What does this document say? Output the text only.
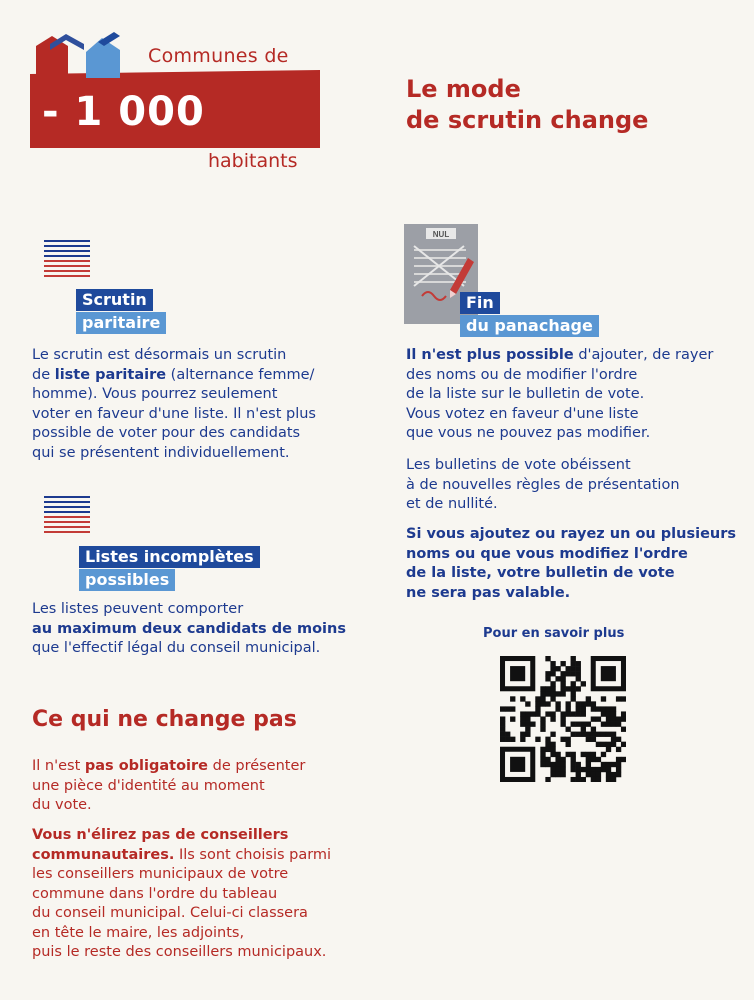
Communes de
- 1 000
habitants
Le mode
de scrutin change
Scrutin
paritaire
Le scrutin est désormais un scrutin
de liste paritaire (alternance femme/
homme). Vous pourrez seulement
voter en faveur d'une liste. Il n'est plus
possible de voter pour des candidats
qui se présentent individuellement.
Listes incomplètes
possibles
Les listes peuvent comporter
au maximum deux candidats de moins
que l'effectif légal du conseil municipal.
Ce qui ne change pas
Il n'est pas obligatoire de présenter
une pièce d'identité au moment
du vote.
Vous n'élirez pas de conseillers
communautaires. Ils sont choisis parmi
les conseillers municipaux de votre
commune dans l'ordre du tableau
du conseil municipal. Celui-ci classera
en tête le maire, les adjoints,
puis le reste des conseillers municipaux.
NUL
Fin
du panachage
Il n'est plus possible d'ajouter, de rayer
des noms ou de modifier l'ordre
de la liste sur le bulletin de vote.
Vous votez en faveur d'une liste
que vous ne pouvez pas modifier.
Les bulletins de vote obéissent
à de nouvelles règles de présentation
et de nullité.
Si vous ajoutez ou rayez un ou plusieurs
noms ou que vous modifiez l'ordre
de la liste, votre bulletin de vote
ne sera pas valable.
Pour en savoir plus
